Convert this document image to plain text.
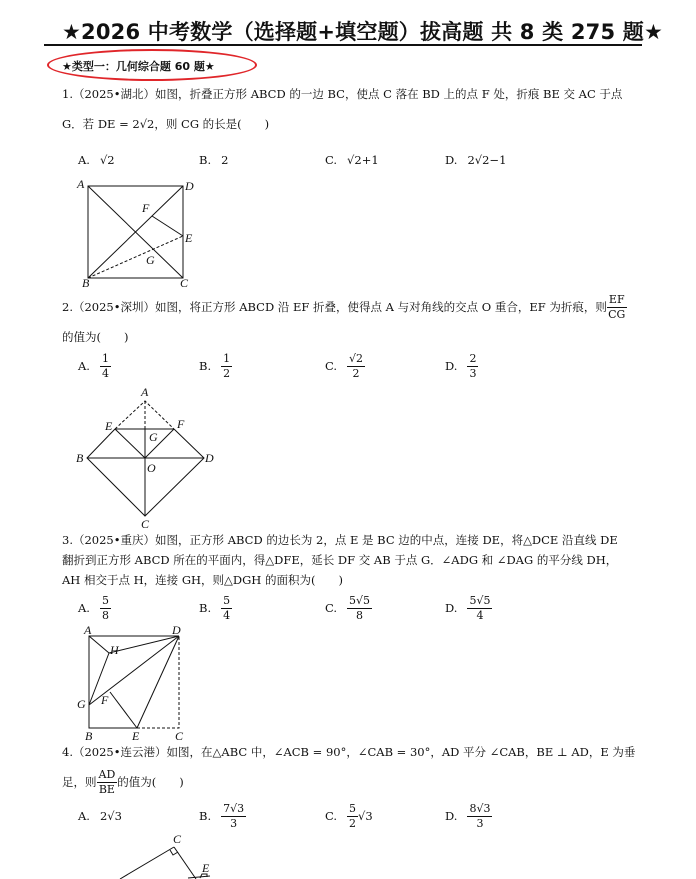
★2026 中考数学（选择题+填空题）拔高题 共 8 类 275 题★
★类型一：几何综合题 60 题★
1.（2025•湖北）如图，折叠正方形 ABCD 的一边 BC，使点 C 落在 BD 上的点 F 处，折痕 BE 交 AC 于点
G．若 DE = 2√2，则 CG 的长是(　　)
A. √2	B. 2	C. √2+1	D. 2√2−1
A	D
F
E
G
B	C
2. （2025•深圳） 如图，将正方形 ABCD 沿 EF 折叠，使得点 A 与对角线的交点 O 重合，EF 为折痕，则 $\frac{EF}{CG}$
的值为(　　)
A. $\frac{1}{4}$	B. $\frac{1}{2}$	C. $\frac{√2}{2}$	D. $\frac{2}{3}$
A
E	F
G
B
O
D
C
3.（2025•重庆）如图，正方形 ABCD 的边长为 2，点 E 是 BC 边的中点，连接 DE，将△DCE 沿直线 DE
翻折到正方形 ABCD 所在的平面内，得△DFE，延长 DF 交 AB 于点 G．∠ADG 和 ∠DAG 的平分线 DH，
AH 相交于点 H，连接 GH，则△DGH 的面积为(　　)
A. $\frac{5}{8}$	B. $\frac{5}{4}$	C. $\frac{5√5}{8}$	D. $\frac{5√5}{4}$
A	D
H
G F
B	E	C
4.（2025•连云港）如图，在△ABC 中，∠ACB = 90°，∠CAB = 30°，AD 平分 ∠CAB，BE ⊥ AD，E 为垂
足，则 $\frac{AD}{BE}$ 的值为(　　)
A. 2√3	B. $\frac{7√3}{3}$	C. $\frac{5}{2} √3$	D. $\frac{8√3}{3}$
C
E
